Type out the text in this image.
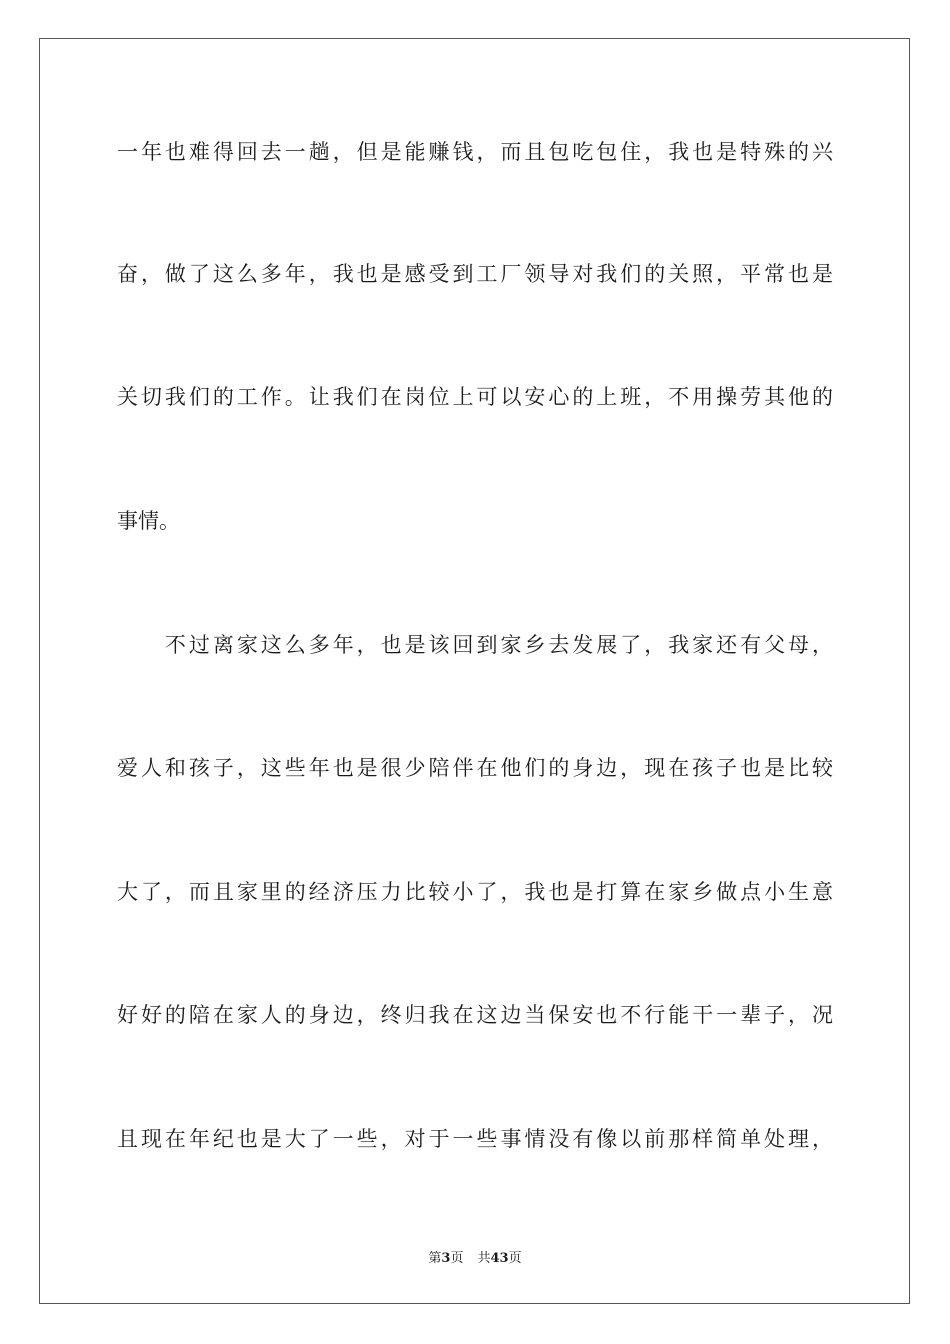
一年也难得回去一趟，但是能赚钱，而且包吃包住，我也是特殊的兴
奋，做了这么多年，我也是感受到工厂领导对我们的关照，平常也是
关切我们的工作。让我们在岗位上可以安心的上班，不用操劳其他的
事情。
　　不过离家这么多年，也是该回到家乡去发展了，我家还有父母，
爱人和孩子，这些年也是很少陪伴在他们的身边，现在孩子也是比较
大了，而且家里的经济压力比较小了，我也是打算在家乡做点小生意
好好的陪在家人的身边，终归我在这边当保安也不行能干一辈子，况
且现在年纪也是大了一些，对于一些事情没有像以前那样简单处理，
第3页 共43页
